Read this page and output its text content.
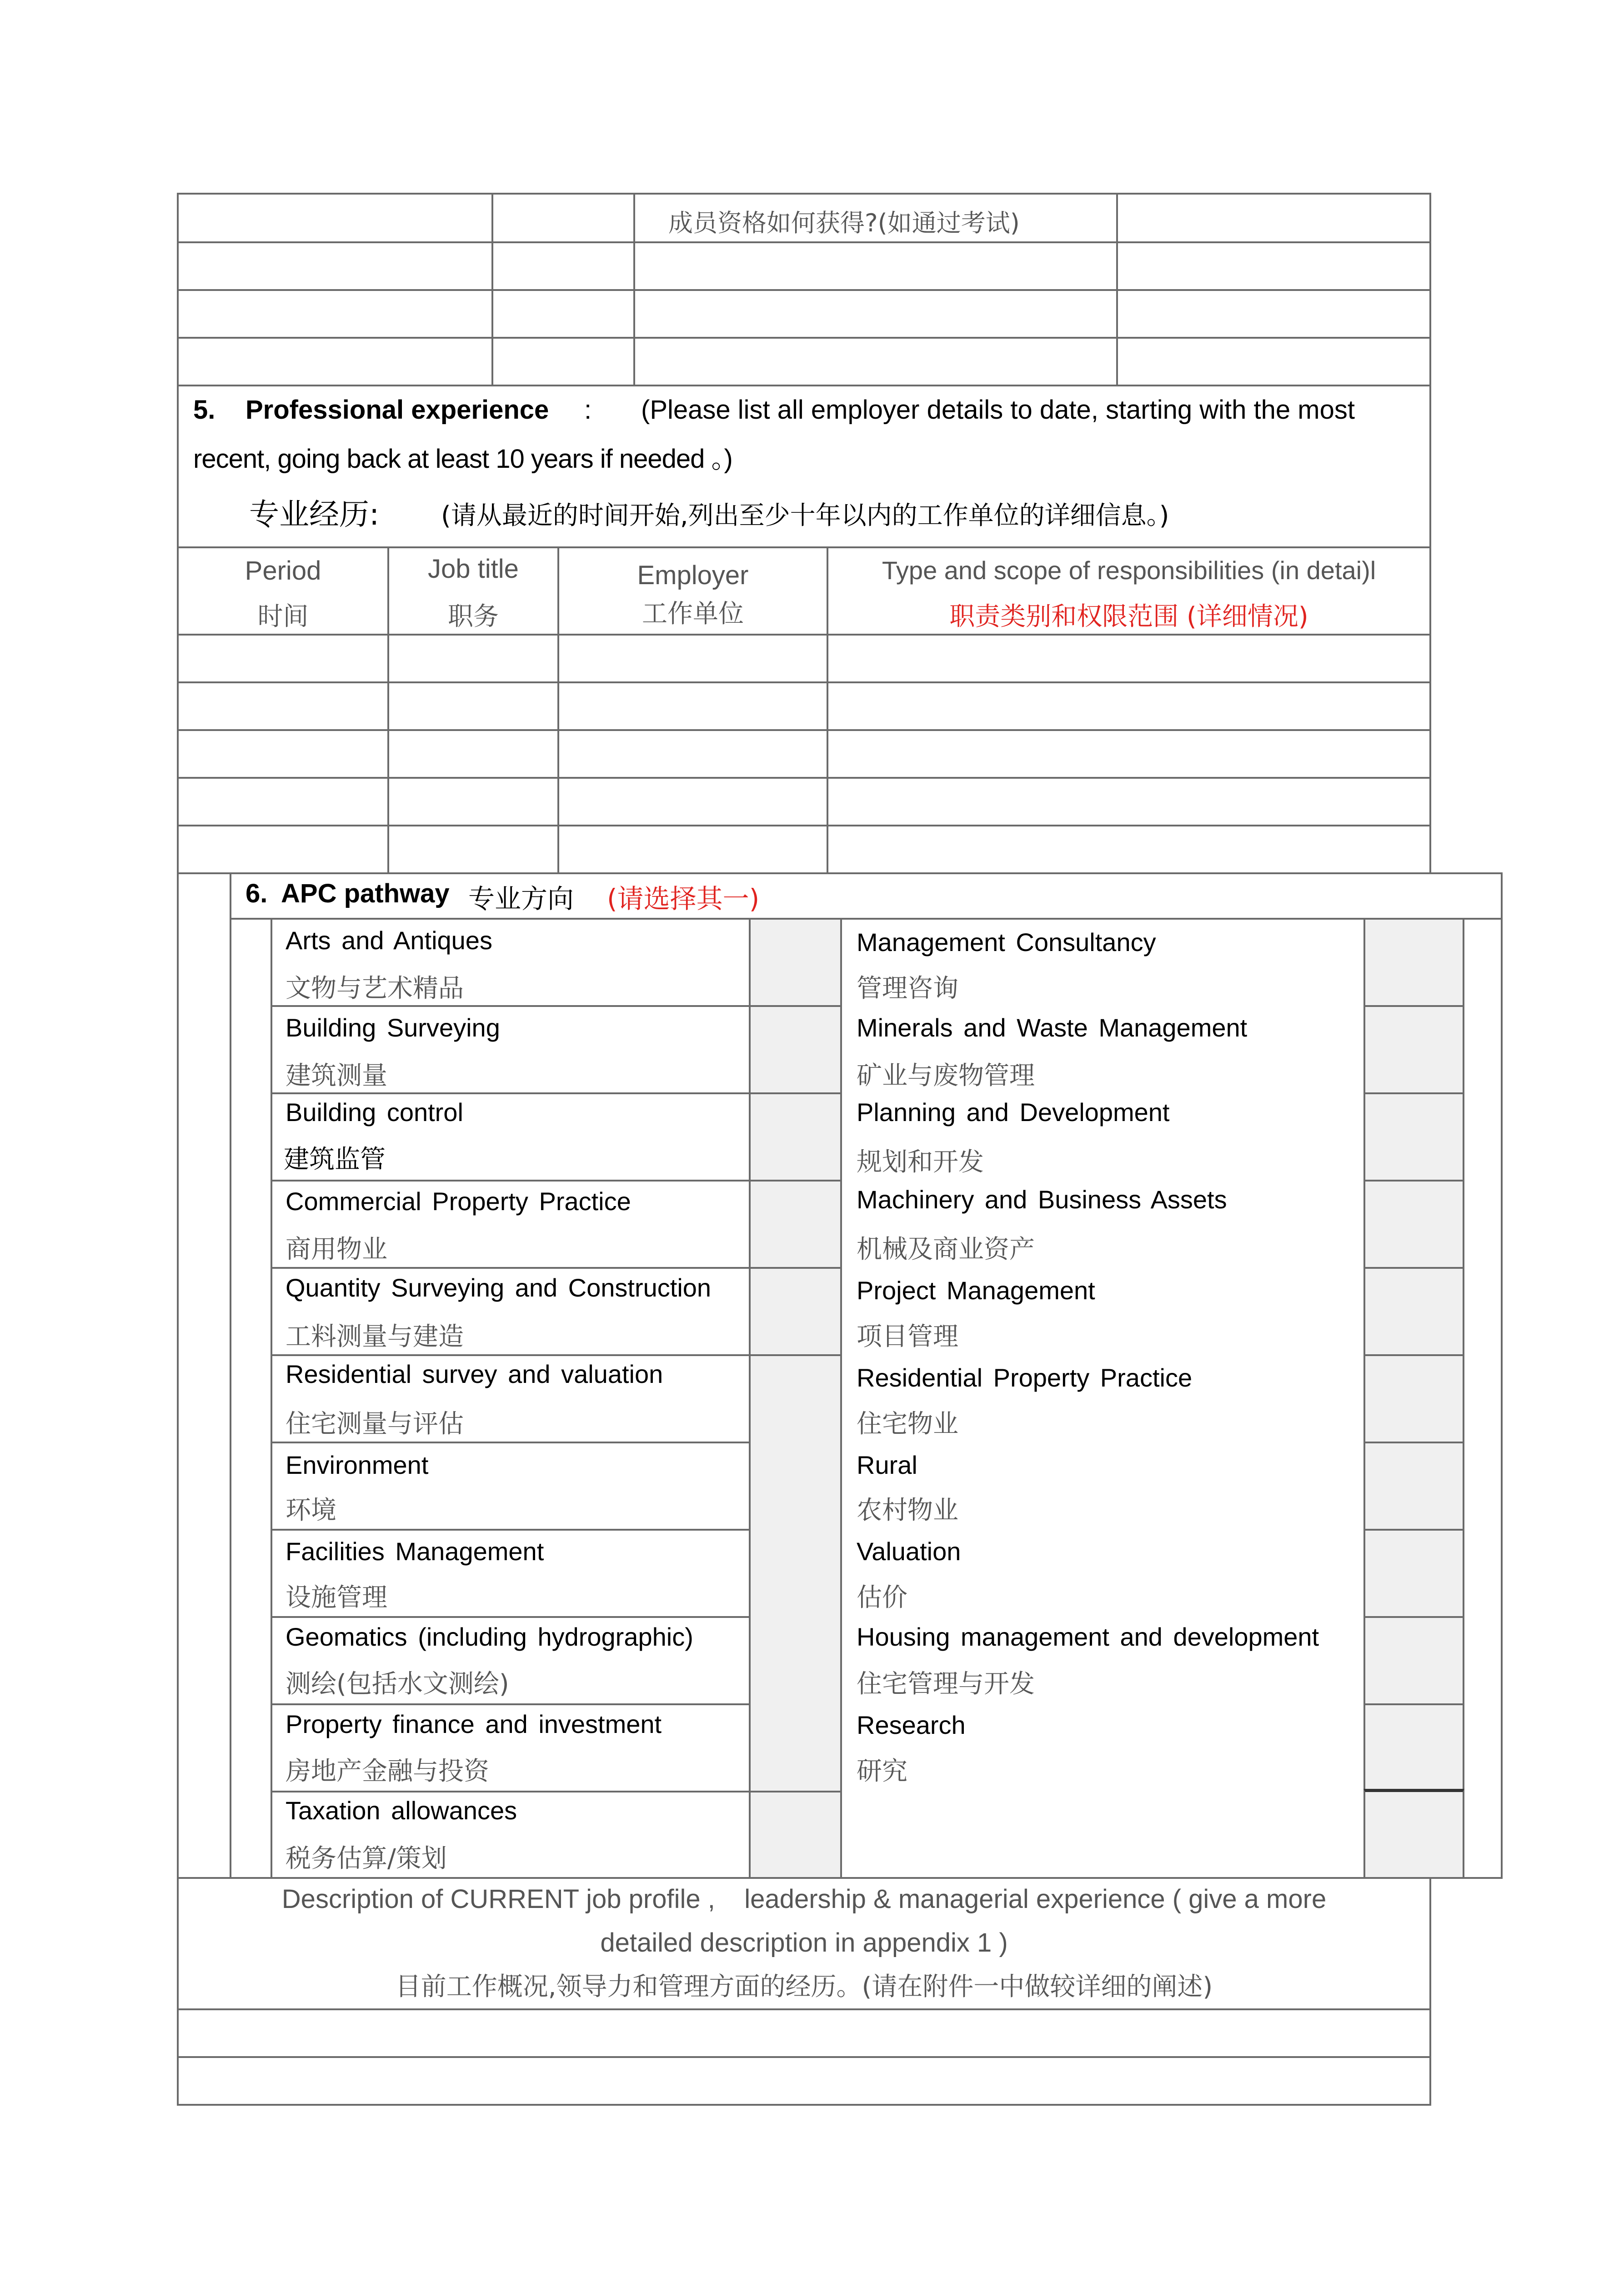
成员资格如何获得?(如通过考试)
5. Professional experience : (Please list all employer details to date, starting with the most
recent, going back at least 10 years if needed 。)
专业经历: (请从最近的时间开始,列出至少十年以内的工作单位的详细信息。)
Period
时间
Job title
职务
Employer
工作单位
Type and scope of responsibilities (in detai)l
职责类别和权限范围 (详细情况)
6. APC pathway 专业方向 (请选择其一)
Arts and Antiques
文物与艺术精品
Building Surveying
建筑测量
Building control
建筑监管
Commercial Property Practice
商用物业
Quantity Surveying and Construction
工料测量与建造
Residential survey and valuation
住宅测量与评估
Environment
环境
Facilities Management
设施管理
Geomatics (including hydrographic)
测绘(包括水文测绘)
Property finance and investment
房地产金融与投资
Taxation allowances
税务估算/策划
Management Consultancy
管理咨询
Minerals and Waste Management
矿业与废物管理
Planning and Development
规划和开发
Machinery and Business Assets
机械及商业资产
Project Management
项目管理
Residential Property Practice
住宅物业
Rural
农村物业
Valuation
估价
Housing management and development
住宅管理与开发
Research
研究
Description of CURRENT job profile ,    leadership & managerial experience ( give a more
detailed description in appendix 1 )
目前工作概况,领导力和管理方面的经历。(请在附件一中做较详细的阐述)
